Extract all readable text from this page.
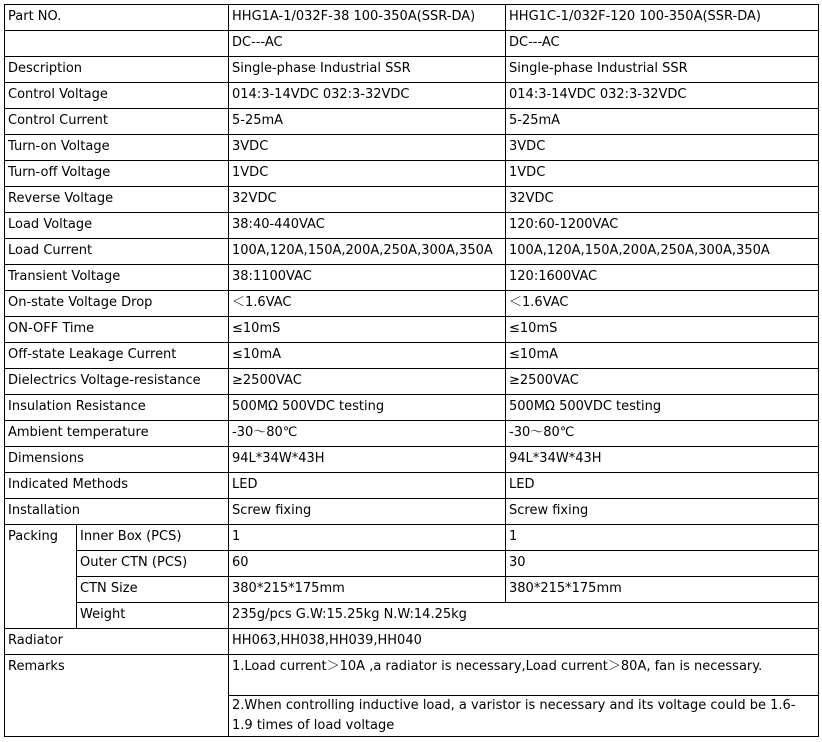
Part NO.		HHG1A-1/032F-38 100-350A(SSR-DA)	HHG1C-1/032F-120 100-350A(SSR-DA)
		DC---AC	DC---AC
Description		Single-phase Industrial SSR	Single-phase Industrial SSR
Control Voltage		014:3-14VDC 032:3-32VDC	014:3-14VDC 032:3-32VDC
Control Current		5-25mA	5-25mA
Turn-on Voltage		3VDC	3VDC
Turn-off Voltage		1VDC	1VDC
Reverse Voltage		32VDC	32VDC
Load Voltage		38:40-440VAC	120:60-1200VAC
Load Current		100A,120A,150A,200A,250A,300A,350A	100A,120A,150A,200A,250A,300A,350A
Transient Voltage		38:1100VAC	120:1600VAC
On-state Voltage Drop		＜1.6VAC	＜1.6VAC
ON-OFF Time		≤10mS	≤10mS
Off-state Leakage Current		≤10mA	≤10mA
Dielectrics Voltage-resistance		≥2500VAC	≥2500VAC
Insulation Resistance		500MΩ 500VDC testing	500MΩ 500VDC testing
Ambient temperature		-30～80℃	-30～80℃
Dimensions		94L*34W*43H	94L*34W*43H
Indicated Methods		LED	LED
Installation		Screw fixing	Screw fixing
Packing	Inner Box (PCS)	1	1
	Outer CTN (PCS)	60	30
	CTN Size	380*215*175mm	380*215*175mm
	Weight	235g/pcs G.W:15.25kg N.W:14.25kg	
Radiator		HH063,HH038,HH039,HH040	
Remarks		1.Load current＞10A ,a radiator is necessary,Load current＞80A, fan is necessary.	
		2.When controlling inductive load, a varistor is necessary and its voltage could be 1.6-1.9 times of load voltage	
